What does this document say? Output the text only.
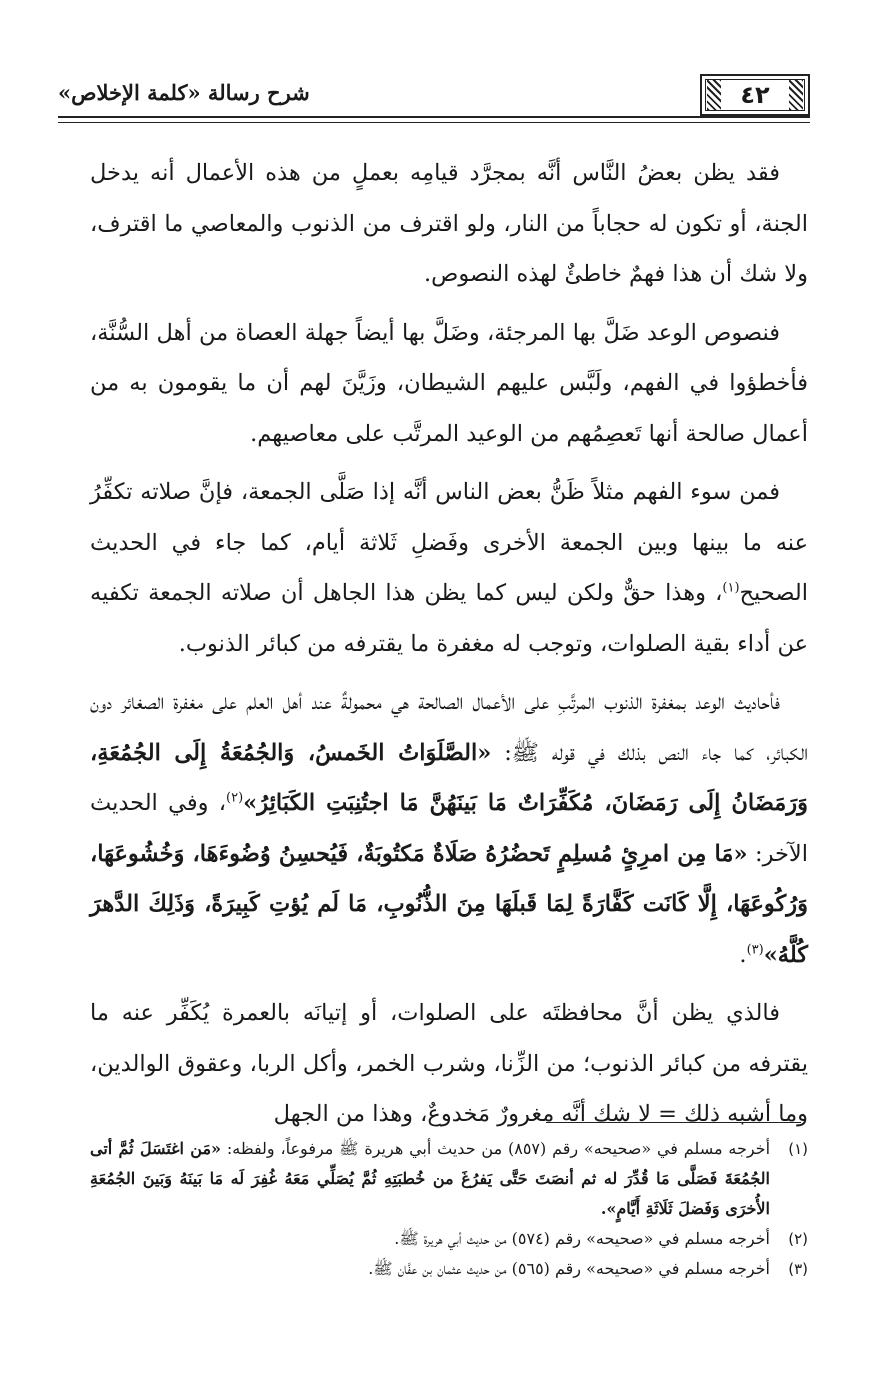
شرح رسالة «كلمة الإخلاص»	٤٢

فقد يظن بعضُ النَّاس أنَّه بمجرَّد قيامِه بعملٍ من هذه الأعمال أنه يدخل الجنة، أو تكون له حجاباً من النار، ولو اقترف من الذنوب والمعاصي ما اقترف، ولا شك أن هذا فهمٌ خاطئٌ لهذه النصوص.

فنصوص الوعد ضَلَّ بها المرجئة، وضَلَّ بها أيضاً جهلة العصاة من أهل السُّنَّة، فأخطؤوا في الفهم، ولَبَّس عليهم الشيطان، وزَيَّنَ لهم أن ما يقومون به من أعمال صالحة أنها تَعصِمُهم من الوعيد المرتَّب على معاصيهم.

فمن سوء الفهم مثلاً ظَنُّ بعض الناس أنَّه إذا صَلَّى الجمعة، فإنَّ صلاته تكفِّرُ عنه ما بينها وبين الجمعة الأخرى وفَضلِ ثَلاثة أيام، كما جاء في الحديث الصحيح$^{(١)}$، وهذا حقٌّ ولكن ليس كما يظن هذا الجاهل أن صلاته الجمعة تكفيه عن أداء بقية الصلوات، وتوجب له مغفرة ما يقترفه من كبائر الذنوب.

فأحاديث الوعد بمغفرة الذنوب المرتَّبِ على الأعمال الصالحة هي محمولةٌ عند أهل العلم على مغفرة الصغائر دون الكبائر، كما جاء النص بذلك في قوله ﷺ: «الصَّلَوَاتُ الخَمسُ، وَالجُمُعَةُ إِلَى الجُمُعَةِ، وَرَمَضَانُ إِلَى رَمَضَانَ، مُكَفِّرَاتٌ مَا بَينَهُنَّ مَا اجتُنِبَتِ الكَبَائِرُ»$^{(٢)}$، وفي الحديث الآخر: «مَا مِن امرِئٍ مُسلِمٍ تَحضُرُهُ صَلَاةٌ مَكتُوبَةٌ، فَيُحسِنُ وُضُوءَهَا، وَخُشُوعَهَا، وَرُكُوعَهَا، إِلَّا كَانَت كَفَّارَةً لِمَا قَبلَهَا مِنَ الذُّنُوبِ، مَا لَم يُؤتِ كَبِيرَةً، وَذَلِكَ الدَّهرَ كُلَّهُ»$^{(٣)}$.

فالذي يظن أنَّ محافظتَه على الصلوات، أو إتيانَه بالعمرة يُكَفِّر عنه ما يقترفه من كبائر الذنوب؛ من الزِّنا، وشرب الخمر، وأكل الربا، وعقوق الوالدين، وما أشبه ذلك = لا شك أنَّه مغرورٌ مَخدوعٌ، وهذا من الجهل

(١)
أخرجه مسلم في «صحيحه» رقم (٨٥٧) من حديث أبي هريرة ﷺ مرفوعاً، ولفظه: «مَن اغتَسَلَ ثُمَّ أتى الجُمُعَةَ فَصَلَّى مَا قُدِّرَ له ثم أنصَتَ حَتَّى يَفرُغَ من خُطبَتِهِ ثُمَّ يُصَلِّي مَعَهُ غُفِرَ لَه مَا بَينَهُ وَبَينَ الجُمُعَةِ الأُخرَى وَفَضلَ ثَلَاثَةِ أَيَّامٍ».
(٢)
أخرجه مسلم في «صحيحه» رقم (٥٧٤) من حديث أبي هريرة ﷺ.
(٣)
أخرجه مسلم في «صحيحه» رقم (٥٦٥) من حديث عثمان بن عفَّان ﷺ.
